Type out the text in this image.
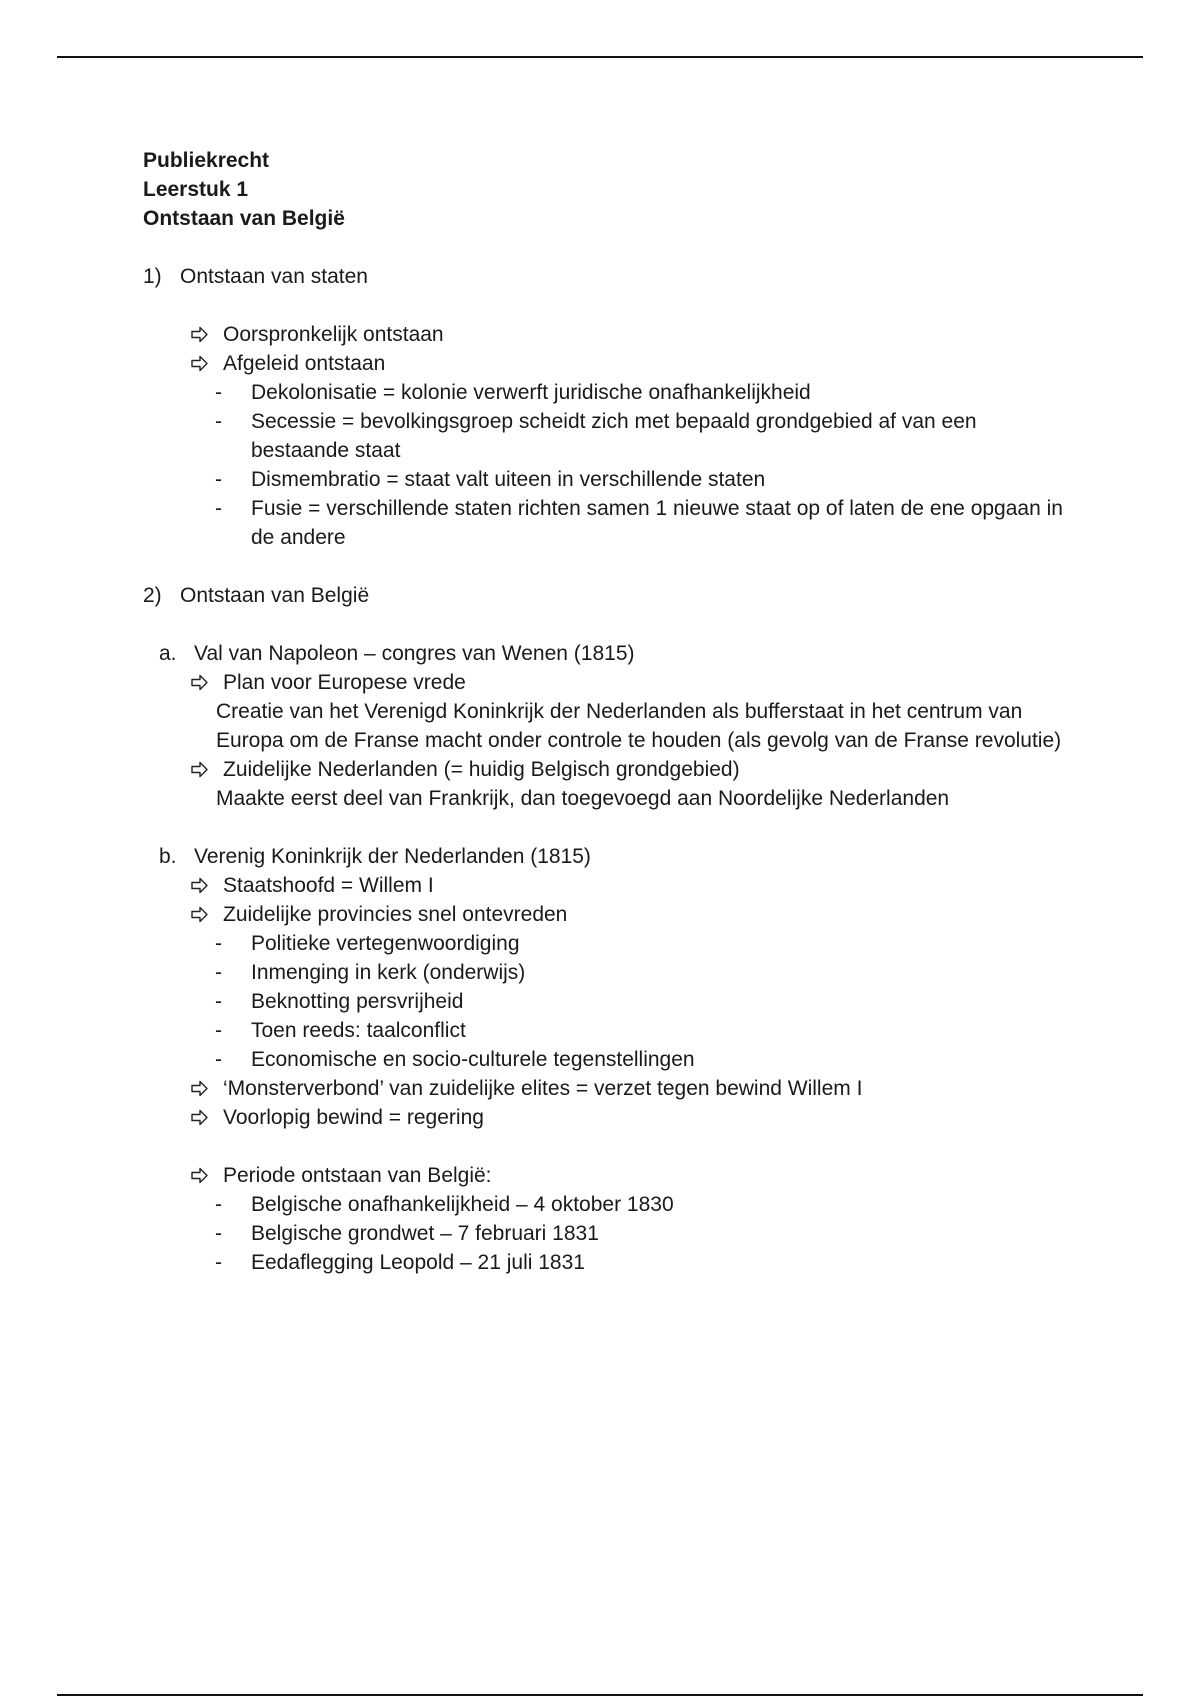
Publiekrecht
Leerstuk 1
Ontstaan van België
1) Ontstaan van staten
Oorspronkelijk ontstaan
Afgeleid ontstaan
- Dekolonisatie = kolonie verwerft juridische onafhankelijkheid
- Secessie = bevolkingsgroep scheidt zich met bepaald grondgebied af van een bestaande staat
- Dismembratio = staat valt uiteen in verschillende staten
- Fusie = verschillende staten richten samen 1 nieuwe staat op of laten de ene opgaan in de andere
2) Ontstaan van België
a. Val van Napoleon – congres van Wenen (1815)
Plan voor Europese vrede
Creatie van het Verenigd Koninkrijk der Nederlanden als bufferstaat in het centrum van Europa om de Franse macht onder controle te houden (als gevolg van de Franse revolutie)
Zuidelijke Nederlanden (= huidig Belgisch grondgebied)
Maakte eerst deel van Frankrijk, dan toegevoegd aan Noordelijke Nederlanden
b. Verenig Koninkrijk der Nederlanden (1815)
Staatshoofd = Willem I
Zuidelijke provincies snel ontevreden
- Politieke vertegenwoordiging
- Inmenging in kerk (onderwijs)
- Beknotting persvrijheid
- Toen reeds: taalconflict
- Economische en socio-culturele tegenstellingen
‘Monsterverbond’ van zuidelijke elites = verzet tegen bewind Willem I
Voorlopig bewind = regering
Periode ontstaan van België:
- Belgische onafhankelijkheid – 4 oktober 1830
- Belgische grondwet – 7 februari 1831
- Eedaflegging Leopold – 21 juli 1831
